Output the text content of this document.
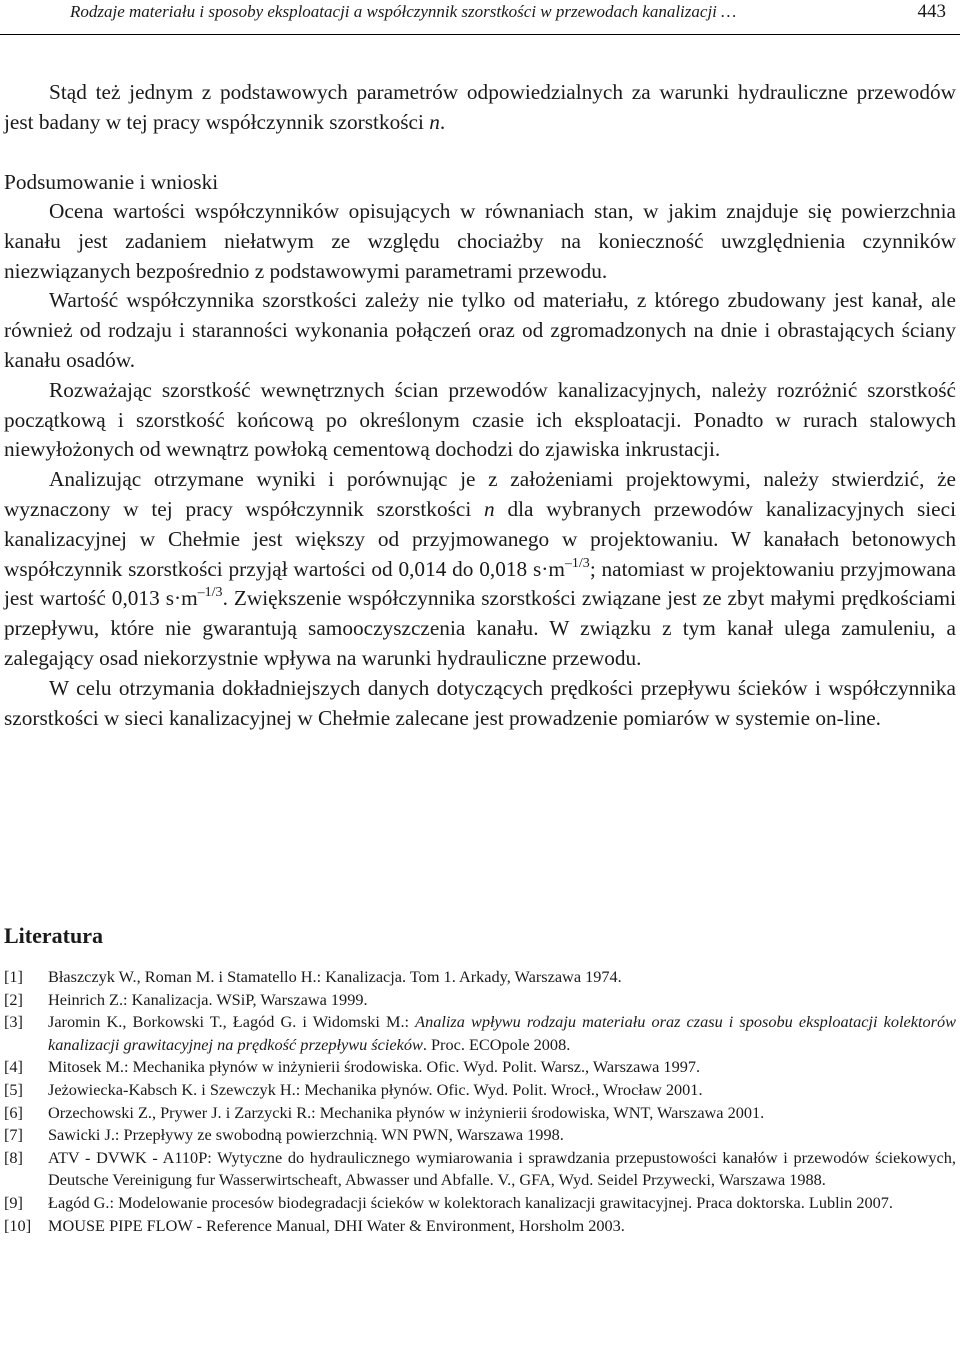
Rodzaje materiału i sposoby eksploatacji a współczynnik szorstkości w przewodach kanalizacji …	443

Stąd też jednym z podstawowych parametrów odpowiedzialnych za warunki hydrauliczne przewodów jest badany w tej pracy współczynnik szorstkości n.

Podsumowanie i wnioski

Ocena wartości współczynników opisujących w równaniach stan, w jakim znajduje się powierzchnia kanału jest zadaniem niełatwym ze względu chociażby na konieczność uwzględnienia czynników niezwiązanych bezpośrednio z podstawowymi parametrami przewodu.

Wartość współczynnika szorstkości zależy nie tylko od materiału, z którego zbudowany jest kanał, ale również od rodzaju i staranności wykonania połączeń oraz od zgromadzonych na dnie i obrastających ściany kanału osadów.

Rozważając szorstkość wewnętrznych ścian przewodów kanalizacyjnych, należy rozróżnić szorstkość początkową i szorstkość końcową po określonym czasie ich eksploatacji. Ponadto w rurach stalowych niewyłożonych od wewnątrz powłoką cementową dochodzi do zjawiska inkrustacji.

Analizując otrzymane wyniki i porównując je z założeniami projektowymi, należy stwierdzić, że wyznaczony w tej pracy współczynnik szorstkości n dla wybranych przewodów kanalizacyjnych sieci kanalizacyjnej w Chełmie jest większy od przyjmowanego w projektowaniu. W kanałach betonowych współczynnik szorstkości przyjął wartości od 0,014 do 0,018 $s\cdot m^{-1/3}$; natomiast w projektowaniu przyjmowana jest wartość 0,013 $s\cdot m^{-1/3}$. Zwiększenie współczynnika szorstkości związane jest ze zbyt małymi prędkościami przepływu, które nie gwarantują samooczyszczenia kanału. W związku z tym kanał ulega zamuleniu, a zalegający osad niekorzystnie wpływa na warunki hydrauliczne przewodu.

W celu otrzymania dokładniejszych danych dotyczących prędkości przepływu ścieków i współczynnika szorstkości w sieci kanalizacyjnej w Chełmie zalecane jest prowadzenie pomiarów w systemie on-line.

Literatura
[1]	Błaszczyk W., Roman M. i Stamatello H.: Kanalizacja. Tom 1. Arkady, Warszawa 1974.
[2]	Heinrich Z.: Kanalizacja. WSiP, Warszawa 1999.
[3]	Jaromin K., Borkowski T., Łagód G. i Widomski M.: Analiza wpływu rodzaju materiału oraz czasu i sposobu eksploatacji kolektorów kanalizacji grawitacyjnej na prędkość przepływu ścieków. Proc. ECOpole 2008.
[4]	Mitosek M.: Mechanika płynów w inżynierii środowiska. Ofic. Wyd. Polit. Warsz., Warszawa 1997.
[5]	Jeżowiecka-Kabsch K. i Szewczyk H.: Mechanika płynów. Ofic. Wyd. Polit. Wrocł., Wrocław 2001.
[6]	Orzechowski Z., Prywer J. i Zarzycki R.: Mechanika płynów w inżynierii środowiska, WNT, Warszawa 2001.
[7]	Sawicki J.: Przepływy ze swobodną powierzchnią. WN PWN, Warszawa 1998.
[8]	ATV - DVWK - A110P: Wytyczne do hydraulicznego wymiarowania i sprawdzania przepustowości kanałów i przewodów ściekowych, Deutsche Vereinigung fur Wasserwirtscheaft, Abwasser und Abfalle. V., GFA, Wyd. Seidel Przywecki, Warszawa 1988.
[9]	Łagód G.: Modelowanie procesów biodegradacji ścieków w kolektorach kanalizacji grawitacyjnej. Praca doktorska. Lublin 2007.
[10]	MOUSE PIPE FLOW - Reference Manual, DHI Water & Environment, Horsholm 2003.
